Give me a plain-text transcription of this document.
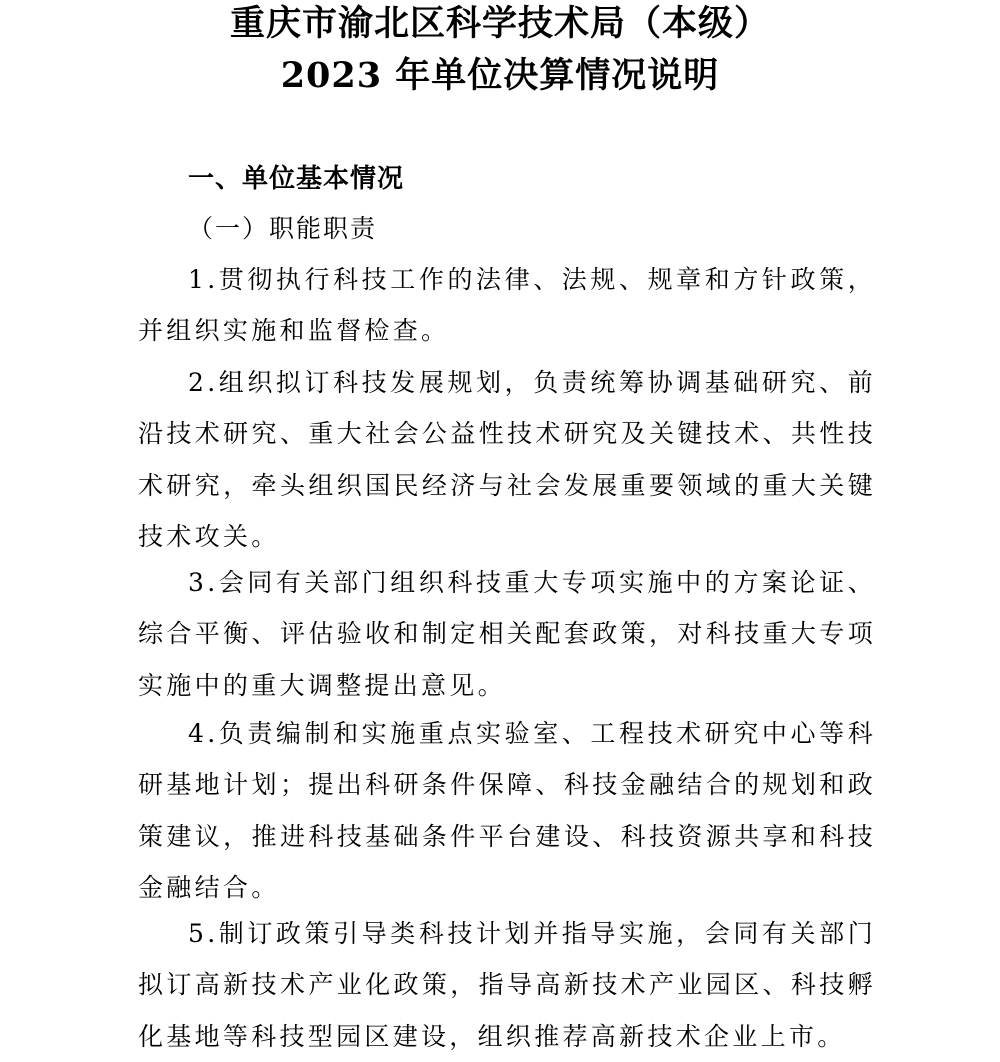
重庆市渝北区科学技术局（本级）
2023 年单位决算情况说明
一、单位基本情况
（一）职能职责

1.贯彻执行科技工作的法律、法规、规章和方针政策，并组织实施和监督检查。

2.组织拟订科技发展规划，负责统筹协调基础研究、前沿技术研究、重大社会公益性技术研究及关键技术、共性技术研究，牵头组织国民经济与社会发展重要领域的重大关键技术攻关。

3.会同有关部门组织科技重大专项实施中的方案论证、综合平衡、评估验收和制定相关配套政策，对科技重大专项实施中的重大调整提出意见。

4.负责编制和实施重点实验室、工程技术研究中心等科研基地计划；提出科研条件保障、科技金融结合的规划和政策建议，推进科技基础条件平台建设、科技资源共享和科技金融结合。

5.制订政策引导类科技计划并指导实施，会同有关部门拟订高新技术产业化政策，指导高新技术产业园区、科技孵化基地等科技型园区建设，组织推荐高新技术企业上市。
